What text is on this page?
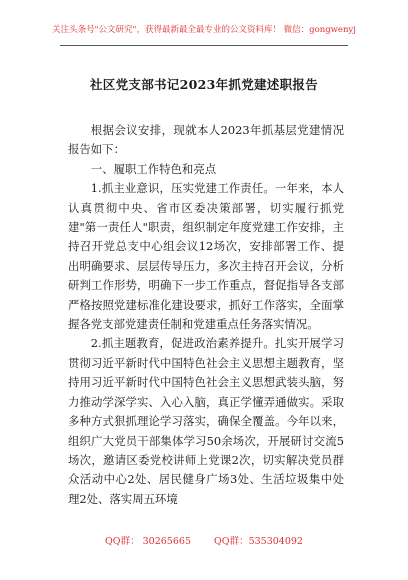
关注头条号"公文研究"，获得最新最全最专业的公文资料库！ 微信：gongwenyj
社区党支部书记2023年抓党建述职报告

根据会议安排，现就本人2023年抓基层党建情况报告如下：

一、履职工作特色和亮点

1.抓主业意识，压实党建工作责任。一年来，本人认真贯彻中央、省市区委决策部署，切实履行抓党建"第一责任人"职责，组织制定年度党建工作安排，主持召开党总支中心组会议12场次，安排部署工作、提出明确要求、层层传导压力，多次主持召开会议，分析研判工作形势，明确下一步工作重点，督促指导各支部严格按照党建标准化建设要求，抓好工作落实，全面掌握各党支部党建责任制和党建重点任务落实情况。

2.抓主题教育，促进政治素养提升。扎实开展学习贯彻习近平新时代中国特色社会主义思想主题教育，坚持用习近平新时代中国特色社会主义思想武装头脑，努力推动学深学实、入心入脑，真正学懂弄通做实。采取多种方式狠抓理论学习落实，确保全覆盖。今年以来，组织广大党员干部集体学习50余场次，开展研讨交流5场次，邀请区委党校讲师上党课2次，切实解决党员群众活动中心2处、居民健身广场3处、生活垃圾集中处理2处、落实周五环境

QQ群： 30265665 QQ群：535304092
